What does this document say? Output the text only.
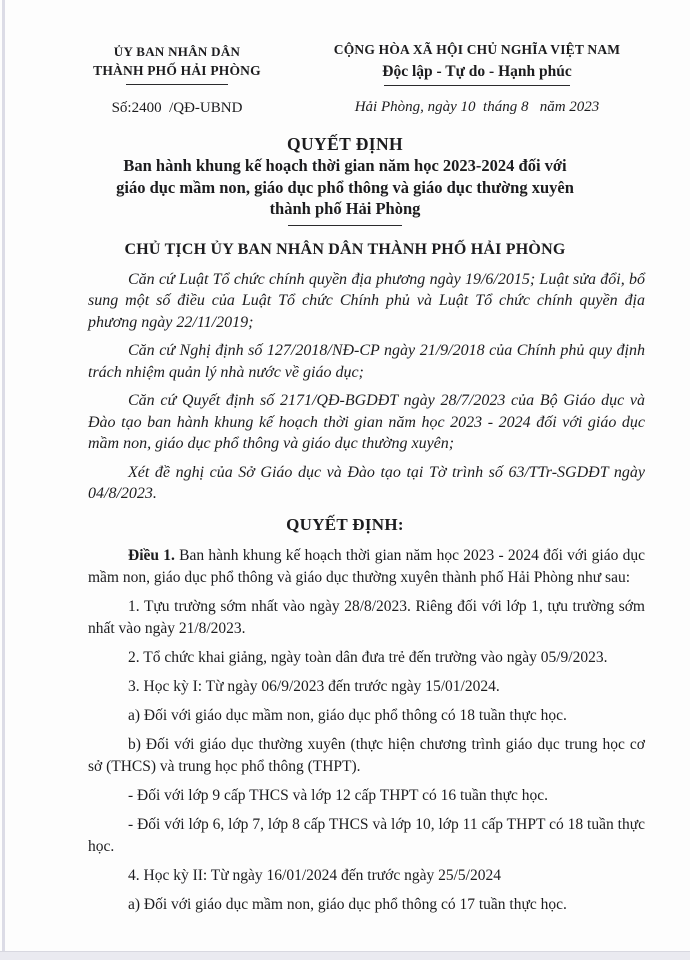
ỦY BAN NHÂN DÂN
THÀNH PHỐ HẢI PHÒNG
Số:2400  /QĐ-UBND
CỘNG HÒA XÃ HỘI CHỦ NGHĨA VIỆT NAM
Độc lập - Tự do - Hạnh phúc
Hải Phòng, ngày 10  tháng 8   năm 2023
QUYẾT ĐỊNH
Ban hành khung kế hoạch thời gian năm học 2023-2024 đối với
giáo dục mầm non, giáo dục phổ thông và giáo dục thường xuyên
thành phố Hải Phòng
CHỦ TỊCH ỦY BAN NHÂN DÂN THÀNH PHỐ HẢI PHÒNG

Căn cứ Luật Tổ chức chính quyền địa phương ngày 19/6/2015; Luật sửa đổi, bổ sung một số điều của Luật Tổ chức Chính phủ và Luật Tổ chức chính quyền địa phương ngày 22/11/2019;

Căn cứ Nghị định số 127/2018/NĐ-CP ngày 21/9/2018 của Chính phủ quy định trách nhiệm quản lý nhà nước về giáo dục;

Căn cứ Quyết định số 2171/QĐ-BGDĐT ngày 28/7/2023 của Bộ Giáo dục và Đào tạo ban hành khung kế hoạch thời gian năm học 2023 - 2024 đối với giáo dục mầm non, giáo dục phổ thông và giáo dục thường xuyên;

Xét đề nghị của Sở Giáo dục và Đào tạo tại Tờ trình số 63/TTr-SGDĐT ngày 04/8/2023.

QUYẾT ĐỊNH:

Điều 1. Ban hành khung kế hoạch thời gian năm học 2023 - 2024 đối với giáo dục mầm non, giáo dục phổ thông và giáo dục thường xuyên thành phố Hải Phòng như sau:

1. Tựu trường sớm nhất vào ngày 28/8/2023. Riêng đối với lớp 1, tựu trường sớm nhất vào ngày 21/8/2023.

2. Tổ chức khai giảng, ngày toàn dân đưa trẻ đến trường vào ngày 05/9/2023.

3. Học kỳ I: Từ ngày 06/9/2023 đến trước ngày 15/01/2024.

a) Đối với giáo dục mầm non, giáo dục phổ thông có 18 tuần thực học.

b) Đối với giáo dục thường xuyên (thực hiện chương trình giáo dục trung học cơ sở (THCS) và trung học phổ thông (THPT).

- Đối với lớp 9 cấp THCS và lớp 12 cấp THPT có 16 tuần thực học.

- Đối với lớp 6, lớp 7, lớp 8 cấp THCS và lớp 10, lớp 11 cấp THPT có 18 tuần thực học.

4. Học kỳ II: Từ ngày 16/01/2024 đến trước ngày 25/5/2024

a) Đối với giáo dục mầm non, giáo dục phổ thông có 17 tuần thực học.
